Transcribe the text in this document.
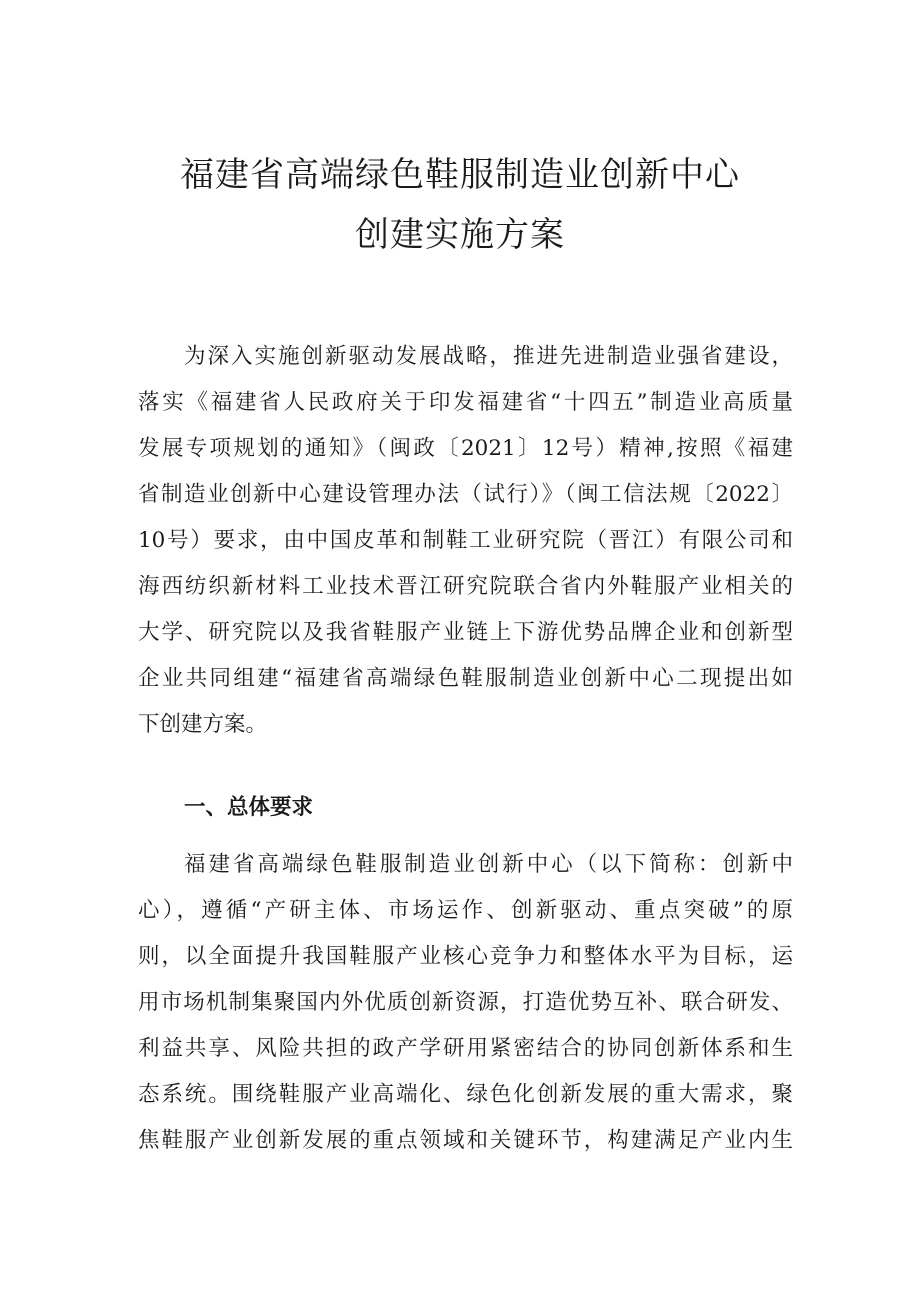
福建省高端绿色鞋服制造业创新中心
创建实施方案
为深入实施创新驱动发展战略，推进先进制造业强省建设，
落实《福建省人民政府关于印发福建省“十四五”制造业高质量
发展专项规划的通知》（闽政〔2021〕12号）精神,按照《福建
省制造业创新中心建设管理办法（试行）》（闽工信法规〔2022〕
10号）要求，由中国皮革和制鞋工业研究院（晋江）有限公司和
海西纺织新材料工业技术晋江研究院联合省内外鞋服产业相关的
大学、研究院以及我省鞋服产业链上下游优势品牌企业和创新型
企业共同组建“福建省高端绿色鞋服制造业创新中心二现提出如
下创建方案。
一、总体要求
福建省高端绿色鞋服制造业创新中心（以下简称：创新中
心），遵循“产研主体、市场运作、创新驱动、重点突破”的原
则，以全面提升我国鞋服产业核心竞争力和整体水平为目标，运
用市场机制集聚国内外优质创新资源，打造优势互补、联合研发、
利益共享、风险共担的政产学研用紧密结合的协同创新体系和生
态系统。围绕鞋服产业高端化、绿色化创新发展的重大需求，聚
焦鞋服产业创新发展的重点领域和关键环节，构建满足产业内生
